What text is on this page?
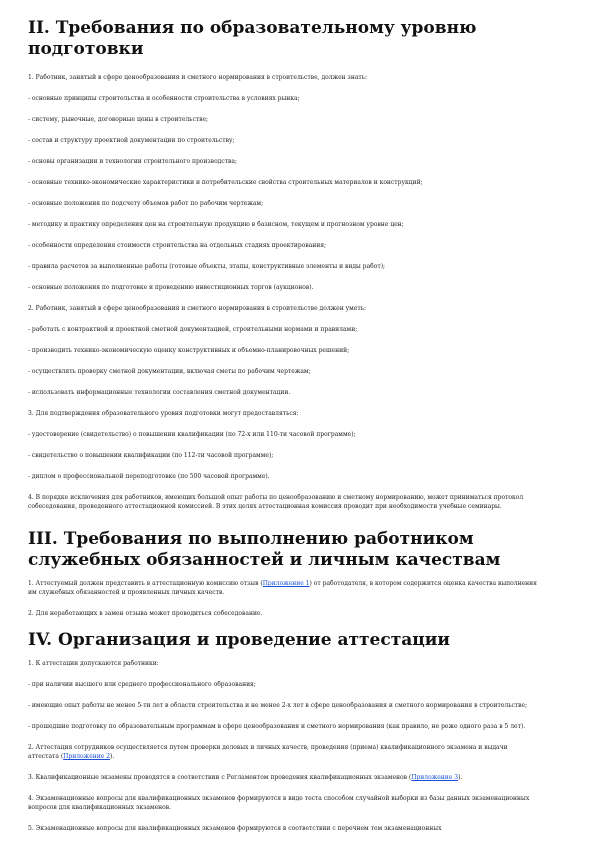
II. Требования по образовательному уровню подготовки

1. Работник, занятый в сфере ценообразования и сметного нормирования в строительстве, должен знать:

- основные принципы строительства и особенности строительства в условиях рынка;

- систему, рыночные, договорные цены в строительстве;

- состав и структуру проектной документации по строительству;

- основы организации и технологии строительного производства;

- основные технико-экономические характеристики и потребительские свойства строительных материалов и конструкций;

- основные положения по подсчету объемов работ по рабочим чертежам;

- методику и практику определения цен на строительную продукцию в базисном, текущем и прогнозном уровне цен;

- особенности определения стоимости строительства на отдельных стадиях проектирования;

- правила расчетов за выполненные работы (готовые объекты, этапы, конструктивные элементы и виды работ);

- основные положения по подготовке и проведению инвестиционных торгов (аукционов).

2. Работник, занятый в сфере ценообразования и сметного нормирования в строительстве должен уметь:

- работать с контрактной и проектной сметной документацией, строительными нормами и правилами;

- производить технико-экономическую оценку конструктивных и объемно-планировочных решений;

- осуществлять проверку сметной документации, включая сметы по рабочим чертежам;

- использовать информационные технологии составления сметной документации.

3. Для подтверждения образовательного уровня подготовки могут предоставляться:

- удостоверение (свидетельство) о повышении квалификации (по 72-х или 110-ти часовой программе);

- свидетельство о повышении квалификации (по 112-ти часовой программе);

- диплом о профессиональной переподготовке (по 500 часовой программе).

4. В порядке исключения для работников, имеющих большой опыт работы по ценообразованию и сметному нормированию, может приниматься протокол собеседования, проведенного аттестационной комиссией. В этих целях аттестационная комиссия проводит при необходимости учебные семинары.

III. Требования по выполнению работником служебных обязанностей и личным качествам

1. Аттестуемый должен представить в аттестационную комиссию отзыв (Приложение 1) от работодателя, в котором содержится оценка качества выполнения им служебных обязанностей и проявленных личных качеств.

2. Для неработающих в замен отзыва может проводиться собеседование.

IV. Организация и проведение аттестации

1. К аттестации допускаются работники:

- при наличии высшего или среднего профессионального образования;

- имеющие опыт работы не менее 5-ти лет в области строительства и не менее 2-х лет в сфере ценообразования и сметного нормирования в строительстве;

- прошедшие подготовку по образовательным программам в сфере ценообразования и сметного нормирования (как правило, не реже одного раза в 5 лет).

2. Аттестация сотрудников осуществляется путем проверки деловых и личных качеств, проведения (приема) квалификационного экзамена и выдачи аттестата (Приложение 2).

3. Квалификационные экзамены проводятся в соответствии с Регламентом проведения квалификационных экзаменов (Приложение 3).

4. Экзаменационные вопросы для квалификационных экзаменов формируются в виде теста способом случайной выборки из базы данных экзаменационных вопросов для квалификационных экзаменов.

5. Экзаменационные вопросы для квалификационных экзаменов формируются в соответствии с перечнем тем экзаменационных
